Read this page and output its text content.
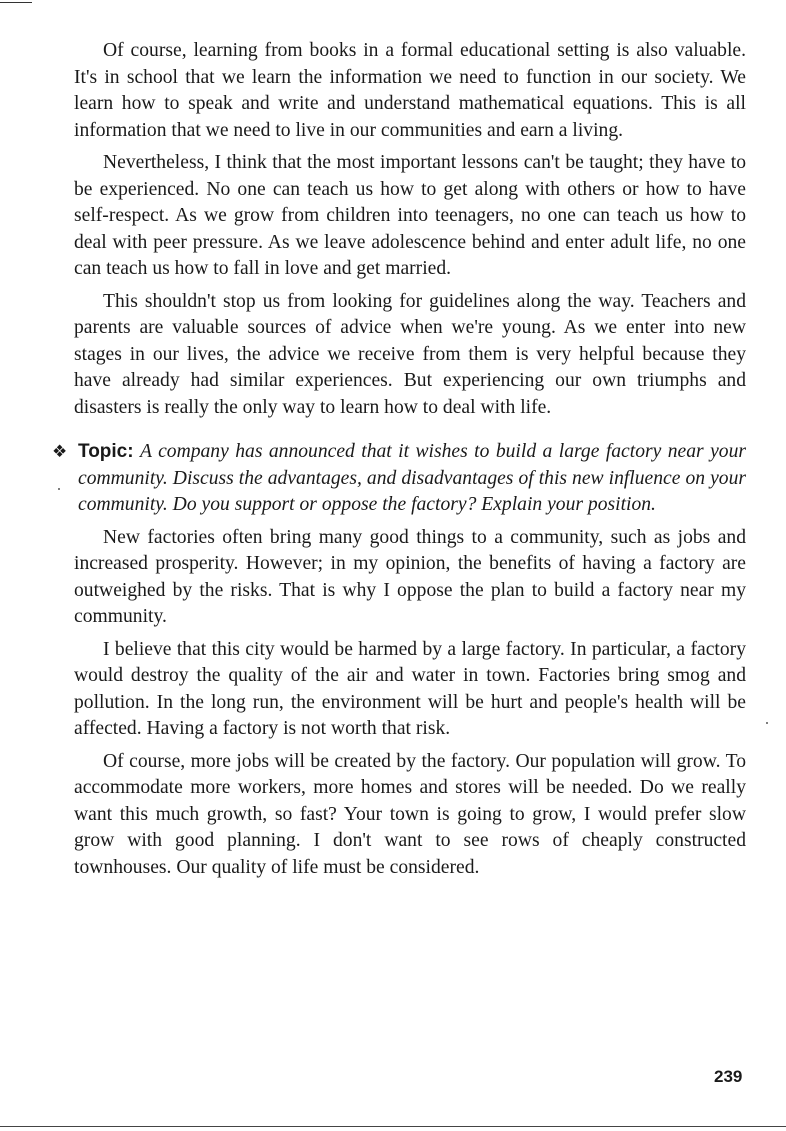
Of course, learning from books in a formal educational setting is also valuable. It's in school that we learn the information we need to function in our society. We learn how to speak and write and understand mathematical equations. This is all information that we need to live in our communities and earn a living.

Nevertheless, I think that the most important lessons can't be taught; they have to be experienced. No one can teach us how to get along with others or how to have self-respect. As we grow from children into teenagers, no one can teach us how to deal with peer pressure. As we leave adolescence behind and enter adult life, no one can teach us how to fall in love and get married.

This shouldn't stop us from looking for guidelines along the way. Teachers and parents are valuable sources of advice when we're young. As we enter into new stages in our lives, the advice we receive from them is very helpful because they have already had similar experiences. But experiencing our own triumphs and disasters is really the only way to learn how to deal with life.

❖ Topic: A company has announced that it wishes to build a large factory near your community. Discuss the advantages, and disadvantages of this new influence on your community. Do you support or oppose the factory? Explain your position.

New factories often bring many good things to a community, such as jobs and increased prosperity. However; in my opinion, the benefits of having a factory are outweighed by the risks. That is why I oppose the plan to build a factory near my community.

I believe that this city would be harmed by a large factory. In particular, a factory would destroy the quality of the air and water in town. Factories bring smog and pollution. In the long run, the environment will be hurt and people's health will be affected. Having a factory is not worth that risk.

Of course, more jobs will be created by the factory. Our population will grow. To accommodate more workers, more homes and stores will be needed. Do we really want this much growth, so fast? Your town is going to grow, I would prefer slow grow with good planning. I don't want to see rows of cheaply constructed townhouses. Our quality of life must be considered.

239
